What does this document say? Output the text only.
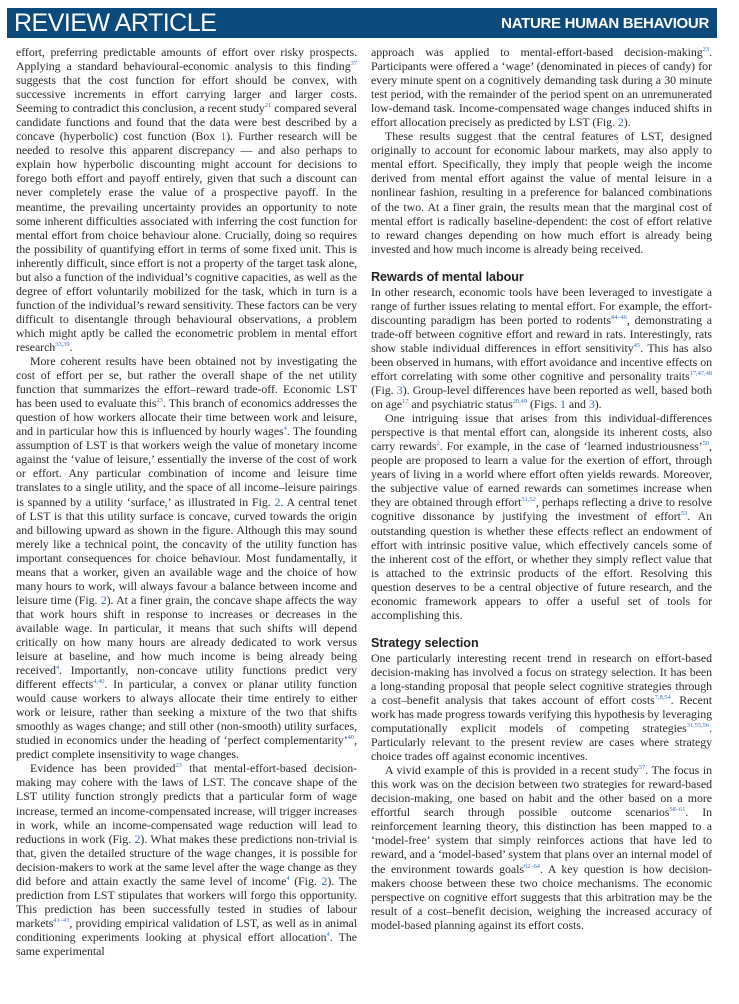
REVIEW ARTICLE	NATURE HUMAN BEHAVIOUR

effort, preferring predictable amounts of effort over risky prospects. Applying a standard behavioural-economic analysis to this finding$^{37}$ suggests that the cost function for effort should be convex, with successive increments in effort carrying larger and larger costs. Seeming to contradict this conclusion, a recent study$^{21}$ compared several candidate functions and found that the data were best described by a concave (hyperbolic) cost function (Box 1). Further research will be needed to resolve this apparent discrepancy — and also perhaps to explain how hyperbolic discounting might account for decisions to forego both effort and payoff entirely, given that such a discount can never completely erase the value of a prospective payoff. In the meantime, the prevailing uncertainty provides an opportunity to note some inherent difficulties associated with inferring the cost function for mental effort from choice behaviour alone. Crucially, doing so requires the possibility of quantifying effort in terms of some fixed unit. This is inherently difficult, since effort is not a property of the target task alone, but also a function of the individual’s cognitive capacities, as well as the degree of effort voluntarily mobilized for the task, which in turn is a function of the individual’s reward sensitivity. These factors can be very difficult to disentangle through behavioural observations, a problem which might aptly be called the econometric problem in mental effort research$^{33,39}$.

More coherent results have been obtained not by investigating the cost of effort per se, but rather the overall shape of the net utility function that summarizes the effort–reward trade-off. Economic LST has been used to evaluate this$^{23}$. This branch of economics addresses the question of how workers allocate their time between work and leisure, and in particular how this is influenced by hourly wages$^4$. The founding assumption of LST is that workers weigh the value of monetary income against the ‘value of leisure,’ essentially the inverse of the cost of work or effort. Any particular combination of income and leisure time translates to a single utility, and the space of all income–leisure pairings is spanned by a utility ‘surface,’ as illustrated in Fig. 2. A central tenet of LST is that this utility surface is concave, curved towards the origin and billowing upward as shown in the figure. Although this may sound merely like a technical point, the concavity of the utility function has important consequences for choice behaviour. Most fundamentally, it means that a worker, given an available wage and the choice of how many hours to work, will always favour a balance between income and leisure time (Fig. 2). At a finer grain, the concave shape affects the way that work hours shift in response to increases or decreases in the available wage. In particular, it means that such shifts will depend critically on how many hours are already dedicated to work versus leisure at baseline, and how much income is being already being received$^4$. Importantly, non-concave utility functions predict very different effects$^{4,40}$. In particular, a convex or planar utility function would cause workers to always allocate their time entirely to either work or leisure, rather than seeking a mixture of the two that shifts smoothly as wages change; and still other (non-smooth) utility surfaces, studied in economics under the heading of ‘perfect complementarity’$^{40}$, predict complete insensitivity to wage changes.

Evidence has been provided$^{23}$ that mental-effort-based decision-making may cohere with the laws of LST. The concave shape of the LST utility function strongly predicts that a particular form of wage increase, termed an income-compensated increase, will trigger increases in work, while an income-compensated wage reduction will lead to reductions in work (Fig. 2). What makes these predictions non-trivial is that, given the detailed structure of the wage changes, it is possible for decision-makers to work at the same level after the wage change as they did before and attain exactly the same level of income$^4$ (Fig. 2). The prediction from LST stipulates that workers will forgo this opportunity. This prediction has been successfully tested in studies of labour markets$^{41-43}$, providing empirical validation of LST, as well as in animal conditioning experiments looking at physical effort allocation$^4$. The same experimental

approach was applied to mental-effort-based decision-making$^{23}$. Participants were offered a ‘wage’ (denominated in pieces of candy) for every minute spent on a cognitively demanding task during a 30 minute test period, with the remainder of the period spent on an unremunerated low-demand task. Income-compensated wage changes induced shifts in effort allocation precisely as predicted by LST (Fig. 2).

These results suggest that the central features of LST, designed originally to account for economic labour markets, may also apply to mental effort. Specifically, they imply that people weigh the income derived from mental effort against the value of mental leisure in a nonlinear fashion, resulting in a preference for balanced combinations of the two. At a finer grain, the results mean that the marginal cost of mental effort is radically baseline-dependent: the cost of effort relative to reward changes depending on how much effort is already being invested and how much income is already being received.

Rewards of mental labour

In other research, economic tools have been leveraged to investigate a range of further issues relating to mental effort. For example, the effort-discounting paradigm has been ported to rodents$^{44-46}$, demonstrating a trade-off between cognitive effort and reward in rats. Interestingly, rats show stable individual differences in effort sensitivity$^{45}$. This has also been observed in humans, with effort avoidance and incentive effects on effort correlating with some other cognitive and personality traits$^{17,47,48}$ (Fig. 3). Group-level differences have been reported as well, based both on age$^{17}$ and psychiatric status$^{20,49}$ (Figs. 1 and 3).

One intriguing issue that arises from this individual-differences perspective is that mental effort can, alongside its inherent costs, also carry rewards$^2$. For example, in the case of ‘learned industriousness’$^{50}$, people are proposed to learn a value for the exertion of effort, through years of living in a world where effort often yields rewards. Moreover, the subjective value of earned rewards can sometimes increase when they are obtained through effort$^{51,52}$, perhaps reflecting a drive to resolve cognitive dissonance by justifying the investment of effort$^{53}$. An outstanding question is whether these effects reflect an endowment of effort with intrinsic positive value, which effectively cancels some of the inherent cost of the effort, or whether they simply reflect value that is attached to the extrinsic products of the effort. Resolving this question deserves to be a central objective of future research, and the economic framework appears to offer a useful set of tools for accomplishing this.

Strategy selection

One particularly interesting recent trend in research on effort-based decision-making has involved a focus on strategy selection. It has been a long-standing proposal that people select cognitive strategies through a cost–benefit analysis that takes account of effort costs$^{7,8,54}$. Recent work has made progress towards verifying this hypothesis by leveraging computationally explicit models of competing strategies$^{31,55,56}$. Particularly relevant to the present review are cases where strategy choice trades off against economic incentives.

A vivid example of this is provided in a recent study$^{57}$. The focus in this work was on the decision between two strategies for reward-based decision-making, one based on habit and the other based on a more effortful search through possible outcome scenarios$^{58-61}$. In reinforcement learning theory, this distinction has been mapped to a ‘model-free’ system that simply reinforces actions that have led to reward, and a ‘model-based’ system that plans over an internal model of the environment towards goals$^{62-64}$. A key question is how decision-makers choose between these two choice mechanisms. The economic perspective on cognitive effort suggests that this arbitration may be the result of a cost–benefit decision, weighing the increased accuracy of model-based planning against its effort costs.
